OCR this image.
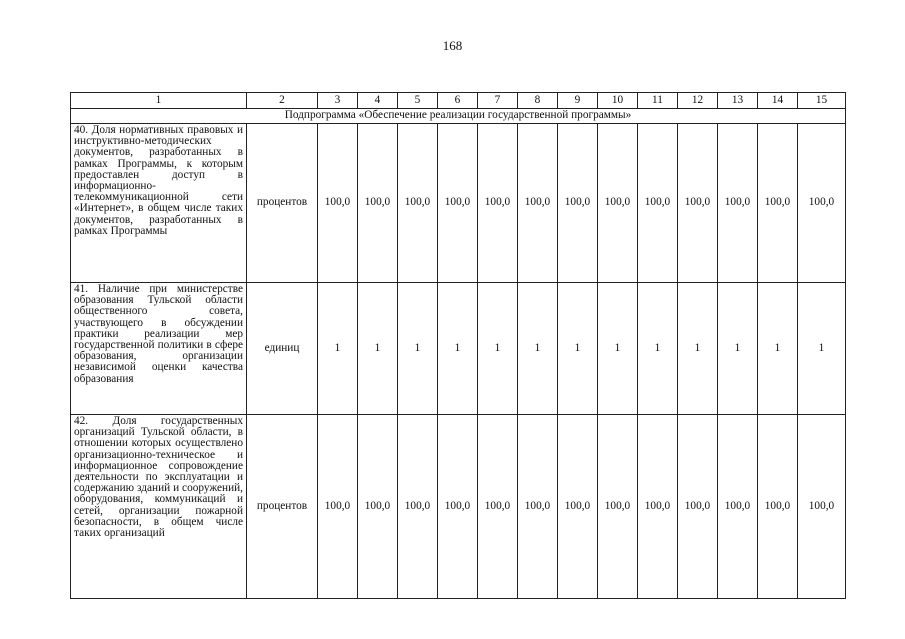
168
1	2	3	4	5	6	7	8	9	10	11	12	13	14	15
Подпрограмма «Обеспечение реализации государственной программы»														
40. Доля нормативных правовых и инструктивно-методических документов, разработанных в рамках Программы, к которым предоставлен доступ в информационно-телекоммуникационной сети «Интернет», в общем числе таких документов, разработанных в рамках Программы	процентов	100,0	100,0	100,0	100,0	100,0	100,0	100,0	100,0	100,0	100,0	100,0	100,0	100,0
41. Наличие при министерстве образования Тульской области общественного совета, участвующего в обсуждении практики реализации мер государственной политики в сфере образования, организации независимой оценки качества образования	единиц	1	1	1	1	1	1	1	1	1	1	1	1	1
42. Доля государственных организаций Тульской области, в отношении которых осуществлено организационно-техническое и информационное сопровождение деятельности по эксплуатации и содержанию зданий и сооружений, оборудования, коммуникаций и сетей, организации пожарной безопасности, в общем числе таких организаций	процентов	100,0	100,0	100,0	100,0	100,0	100,0	100,0	100,0	100,0	100,0	100,0	100,0	100,0
